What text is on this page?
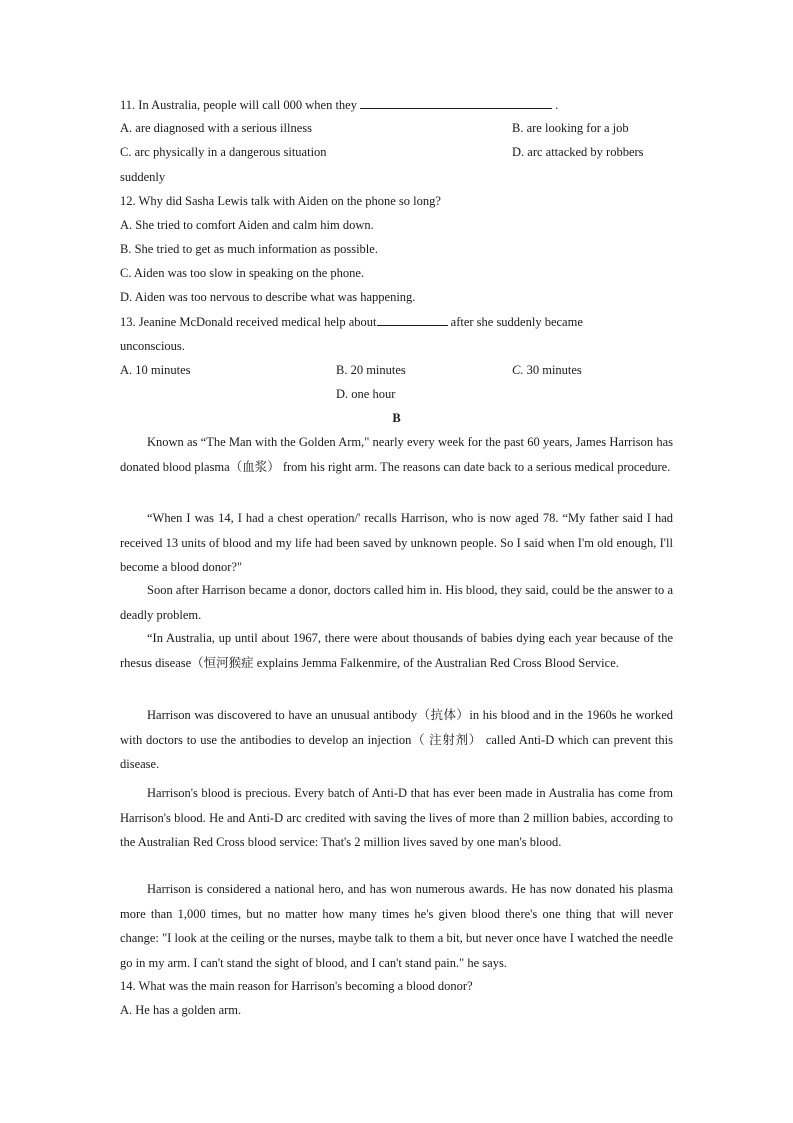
11. In Australia, people will call 000 when they	.
A. are diagnosed with a serious illness	B. are looking for a job
C. arc physically in a dangerous situation	D. arc attacked by robbers
suddenly
12. Why did Sasha Lewis talk with Aiden on the phone so long?
A. She tried to comfort Aiden and calm him down.
B. She tried to get as much information as possible.
C. Aiden was too slow in speaking on the phone.
D. Aiden was too nervous to describe what was happening.
13. Jeanine McDonald received medical help about	after she suddenly became
unconscious.
A. 10 minutes	B. 20 minutes	C. 30 minutes
D. one hour
B

Known as “The Man with the Golden Arm," nearly every week for the past 60 years, James Harrison has donated blood plasma（血浆） from his right arm. The reasons can date back to a serious medical procedure.

“When I was 14, I had a chest operation/' recalls Harrison, who is now aged 78. “My father said I had received 13 units of blood and my life had been saved by unknown people. So I said when I'm old enough, I'll become a blood donor?"

Soon after Harrison became a donor, doctors called him in. His blood, they said, could be the answer to a deadly problem.

“In Australia, up until about 1967, there were about thousands of babies dying each year because of the rhesus disease（恒河猴症 explains Jemma Falkenmire, of the Australian Red Cross Blood Service.

Harrison was discovered to have an unusual antibody（抗体）in his blood and in the 1960s he worked with doctors to use the antibodies to develop an injection（ 注射剂） called Anti-D which can prevent this disease.

Harrison's blood is precious. Every batch of Anti-D that has ever been made in Australia has come from Harrison's blood. He and Anti-D arc credited with saving the lives of more than 2 million babies, according to the Australian Red Cross blood service: That's 2 million lives saved by one man's blood.

Harrison is considered a national hero, and has won numerous awards. He has now donated his plasma more than 1,000 times, but no matter how many times he's given blood there's one thing that will never change: "I look at the ceiling or the nurses, maybe talk to them a bit, but never once have I watched the needle go in my arm. I can't stand the sight of blood, and I can't stand pain." he says.

14. What was the main reason for Harrison's becoming a blood donor?
A. He has a golden arm.
